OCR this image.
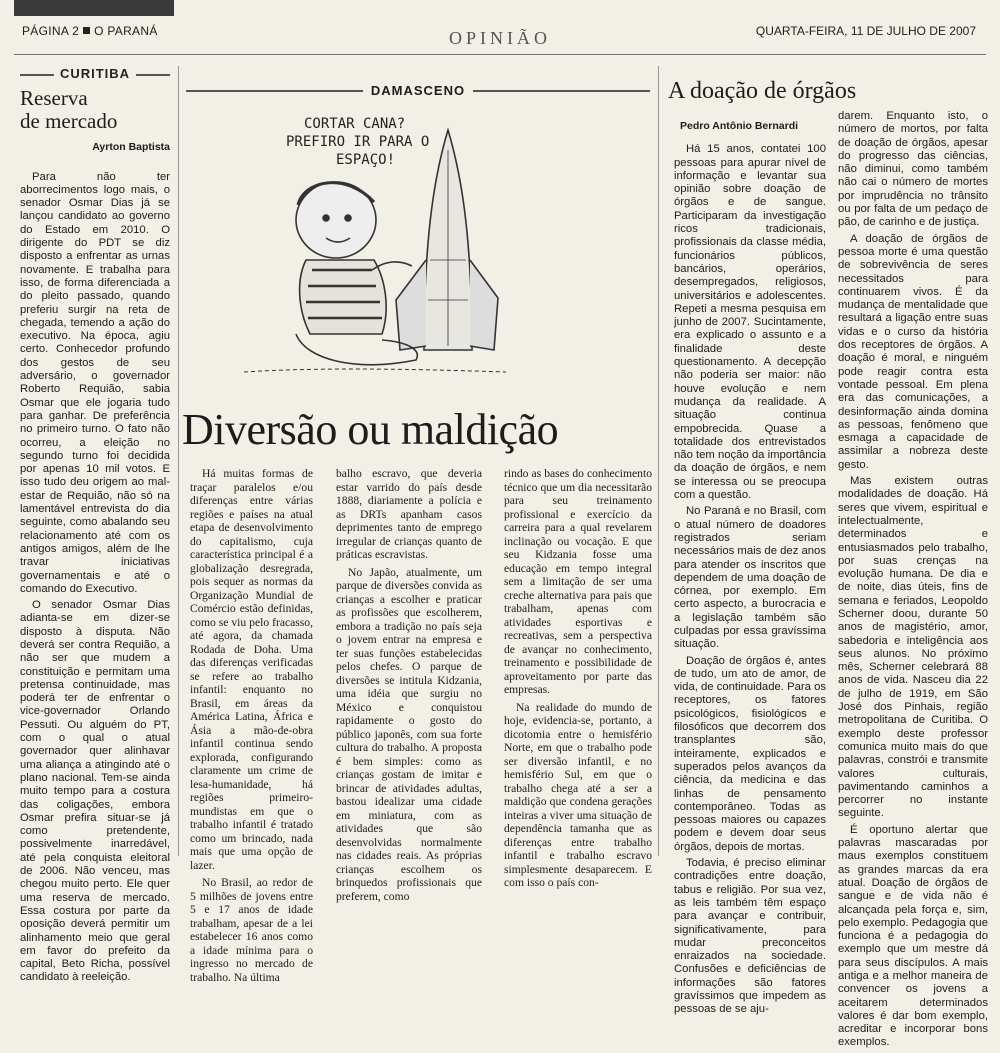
PÁGINA 2 O PARANÁ	OPINIÃO	QUARTA-FEIRA, 11 DE JULHO DE 2007
CURITIBA
Reserva
de mercado
Ayrton Baptista

Para não ter aborrecimentos logo mais, o senador Osmar Dias já se lançou candidato ao governo do Estado em 2010. O dirigente do PDT se diz disposto a enfrentar as urnas novamente. E trabalha para isso, de forma diferenciada a do pleito passado, quando preferiu surgir na reta de chegada, temendo a ação do executivo. Na época, agiu certo. Conhecedor profundo dos gestos de seu adversário, o governador Roberto Requião, sabia Osmar que ele jogaria tudo para ganhar. De preferência no primeiro turno. O fato não ocorreu, a eleição no segundo turno foi decidida por apenas 10 mil votos. E isso tudo deu origem ao mal-estar de Requião, não só na lamentável entrevista do dia seguinte, como abalando seu relacionamento até com os antigos amigos, além de lhe travar iniciativas governamentais e até o comando do Executivo.

O senador Osmar Dias adianta-se em dizer-se disposto à disputa. Não deverá ser contra Requião, a não ser que mudem a constituição e permitam uma pretensa continuidade, mas poderá ter de enfrentar o vice-governador Orlando Pessuti. Ou alguém do PT, com o qual o atual governador quer alinhavar uma aliança a atingindo até o plano nacional. Tem-se ainda muito tempo para a costura das coligações, embora Osmar prefira situar-se já como pretendente, possivelmente inarredável, até pela conquista eleitoral de 2006. Não venceu, mas chegou muito perto. Ele quer uma reserva de mercado. Essa costura por parte da oposição deverá permitir um alinhamento meio que geral em favor do prefeito da capital, Beto Richa, possível candidato à reeleição.

DAMASCENO
CORTAR CANA?
PREFIRO IR PARA O
ESPAÇO!
Diversão ou maldição

Há muitas formas de traçar paralelos e/ou diferenças entre várias regiões e países na atual etapa de desenvolvimento do capitalismo, cuja característica principal é a globalização desregrada, pois sequer as normas da Organização Mundial de Comércio estão definidas, como se viu pelo fracasso, até agora, da chamada Rodada de Doha. Uma das diferenças verificadas se refere ao trabalho infantil: enquanto no Brasil, em áreas da América Latina, África e Ásia a mão-de-obra infantil continua sendo explorada, configurando claramente um crime de lesa-humanidade, há regiões primeiro-mundistas em que o trabalho infantil é tratado como um brincado, nada mais que uma opção de lazer.

No Brasil, ao redor de 5 milhões de jovens entre 5 e 17 anos de idade trabalham, apesar de a lei estabelecer 16 anos como a idade mínima para o ingresso no mercado de trabalho. Na última

balho escravo, que deveria estar varrido do país desde 1888, diariamente a polícia e as DRTs apanham casos deprimentes tanto de emprego irregular de crianças quanto de práticas escravistas.

No Japão, atualmente, um parque de diversões convida as crianças a escolher e praticar as profissões que escolherem, embora a tradição no país seja o jovem entrar na empresa e ter suas funções estabelecidas pelos chefes. O parque de diversões se intitula Kidzania, uma idéia que surgiu no México e conquistou rapidamente o gosto do público japonês, com sua forte cultura do trabalho. A proposta é bem simples: como as crianças gostam de imitar e brincar de atividades adultas, bastou idealizar uma cidade em miniatura, com as atividades que são desenvolvidas normalmente nas cidades reais. As próprias crianças escolhem os brinquedos profissionais que preferem, como

rindo as bases do conhecimento técnico que um dia necessitarão para seu treinamento profissional e exercício da carreira para a qual revelarem inclinação ou vocação. E que seu Kidzania fosse uma educação em tempo integral sem a limitação de ser uma creche alternativa para pais que trabalham, apenas com atividades esportivas e recreativas, sem a perspectiva de avançar no conhecimento, treinamento e possibilidade de aproveitamento por parte das empresas.

Na realidade do mundo de hoje, evidencia-se, portanto, a dicotomia entre o hemisfério Norte, em que o trabalho pode ser diversão infantil, e no hemisfério Sul, em que o trabalho chega até a ser a maldição que condena gerações inteiras a viver uma situação de dependência tamanha que as diferenças entre trabalho infantil e trabalho escravo simplesmente desaparecem. E com isso o país con-

A doação de órgãos
Pedro Antônio Bernardi

Há 15 anos, contatei 100 pessoas para apurar nível de informação e levantar sua opinião sobre doação de órgãos e de sangue. Participaram da investigação ricos tradicionais, profissionais da classe média, funcionários públicos, bancários, operários, desempregados, religiosos, universitários e adolescentes. Repeti a mesma pesquisa em junho de 2007. Sucintamente, era explicado o assunto e a finalidade deste questionamento. A decepção não poderia ser maior: não houve evolução e nem mudança da realidade. A situação continua empobrecida. Quase a totalidade dos entrevistados não tem noção da importância da doação de órgãos, e nem se interessa ou se preocupa com a questão.

No Paraná e no Brasil, com o atual número de doadores registrados seriam necessários mais de dez anos para atender os inscritos que dependem de uma doação de córnea, por exemplo. Em certo aspecto, a burocracia e a legislação também são culpadas por essa gravíssima situação.

Doação de órgãos é, antes de tudo, um ato de amor, de vida, de continuidade. Para os receptores, os fatores psicológicos, fisiológicos e filosóficos que decorrem dos transplantes são, inteiramente, explicados e superados pelos avanços da ciência, da medicina e das linhas de pensamento contemporâneo. Todas as pessoas maiores ou capazes podem e devem doar seus órgãos, depois de mortas.

Todavia, é preciso eliminar contradições entre doação, tabus e religião. Por sua vez, as leis também têm espaço para avançar e contribuir, significativamente, para mudar preconceitos enraizados na sociedade. Confusões e deficiências de informações são fatores gravíssimos que impedem as pessoas de se aju-

darem. Enquanto isto, o número de mortos, por falta de doação de órgãos, apesar do progresso das ciências, não diminui, como também não cai o número de mortes por imprudência no trânsito ou por falta de um pedaço de pão, de carinho e de justiça.

A doação de órgãos de pessoa morte é uma questão de sobrevivência de seres necessitados para continuarem vivos. É da mudança de mentalidade que resultará a ligação entre suas vidas e o curso da história dos receptores de órgãos. A doação é moral, e ninguém pode reagir contra esta vontade pessoal. Em plena era das comunicações, a desinformação ainda domina as pessoas, fenômeno que esmaga a capacidade de assimilar a nobreza deste gesto.

Mas existem outras modalidades de doação. Há seres que vivem, espiritual e intelectualmente, determinados e entusiasmados pelo trabalho, por suas crenças na evolução humana. De dia e de noite, dias úteis, fins de semana e feriados, Leopoldo Scherner doou, durante 50 anos de magistério, amor, sabedoria e inteligência aos seus alunos. No próximo mês, Scherner celebrará 88 anos de vida. Nasceu dia 22 de julho de 1919, em São José dos Pinhais, região metropolitana de Curitiba. O exemplo deste professor comunica muito mais do que palavras, constrói e transmite valores culturais, pavimentando caminhos a percorrer no instante seguinte.

É oportuno alertar que palavras mascaradas por maus exemplos constituem as grandes marcas da era atual. Doação de órgãos de sangue e de vida não é alcançada pela força e, sim, pelo exemplo. Pedagogia que funciona é a pedagogia do exemplo que um mestre dá para seus discípulos. A mais antiga e a melhor maneira de convencer os jovens a aceitarem determinados valores é dar bom exemplo, acreditar e incorporar bons exemplos.
